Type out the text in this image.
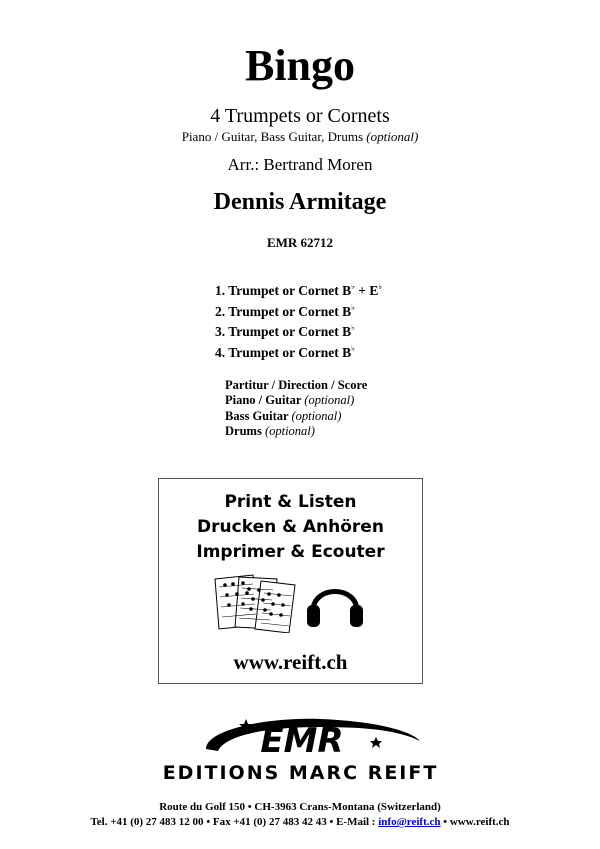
Bingo
4 Trumpets or Cornets
Piano / Guitar, Bass Guitar, Drums (optional)
Arr.: Bertrand Moren
Dennis Armitage
EMR 62712
1. Trumpet or Cornet B♭ + E♭
2. Trumpet or Cornet B♭
3. Trumpet or Cornet B♭
4. Trumpet or Cornet B♭
Partitur / Direction / Score
Piano / Guitar (optional)
Bass Guitar (optional)
Drums (optional)
Print & Listen
Drucken & Anhören
Imprimer & Ecouter
www.reift.ch
EMR
EDITIONS MARC REIFT
Route du Golf 150 • CH-3963 Crans-Montana (Switzerland)
Tel. +41 (0) 27 483 12 00 • Fax +41 (0) 27 483 42 43 • E-Mail : info@reift.ch • www.reift.ch
